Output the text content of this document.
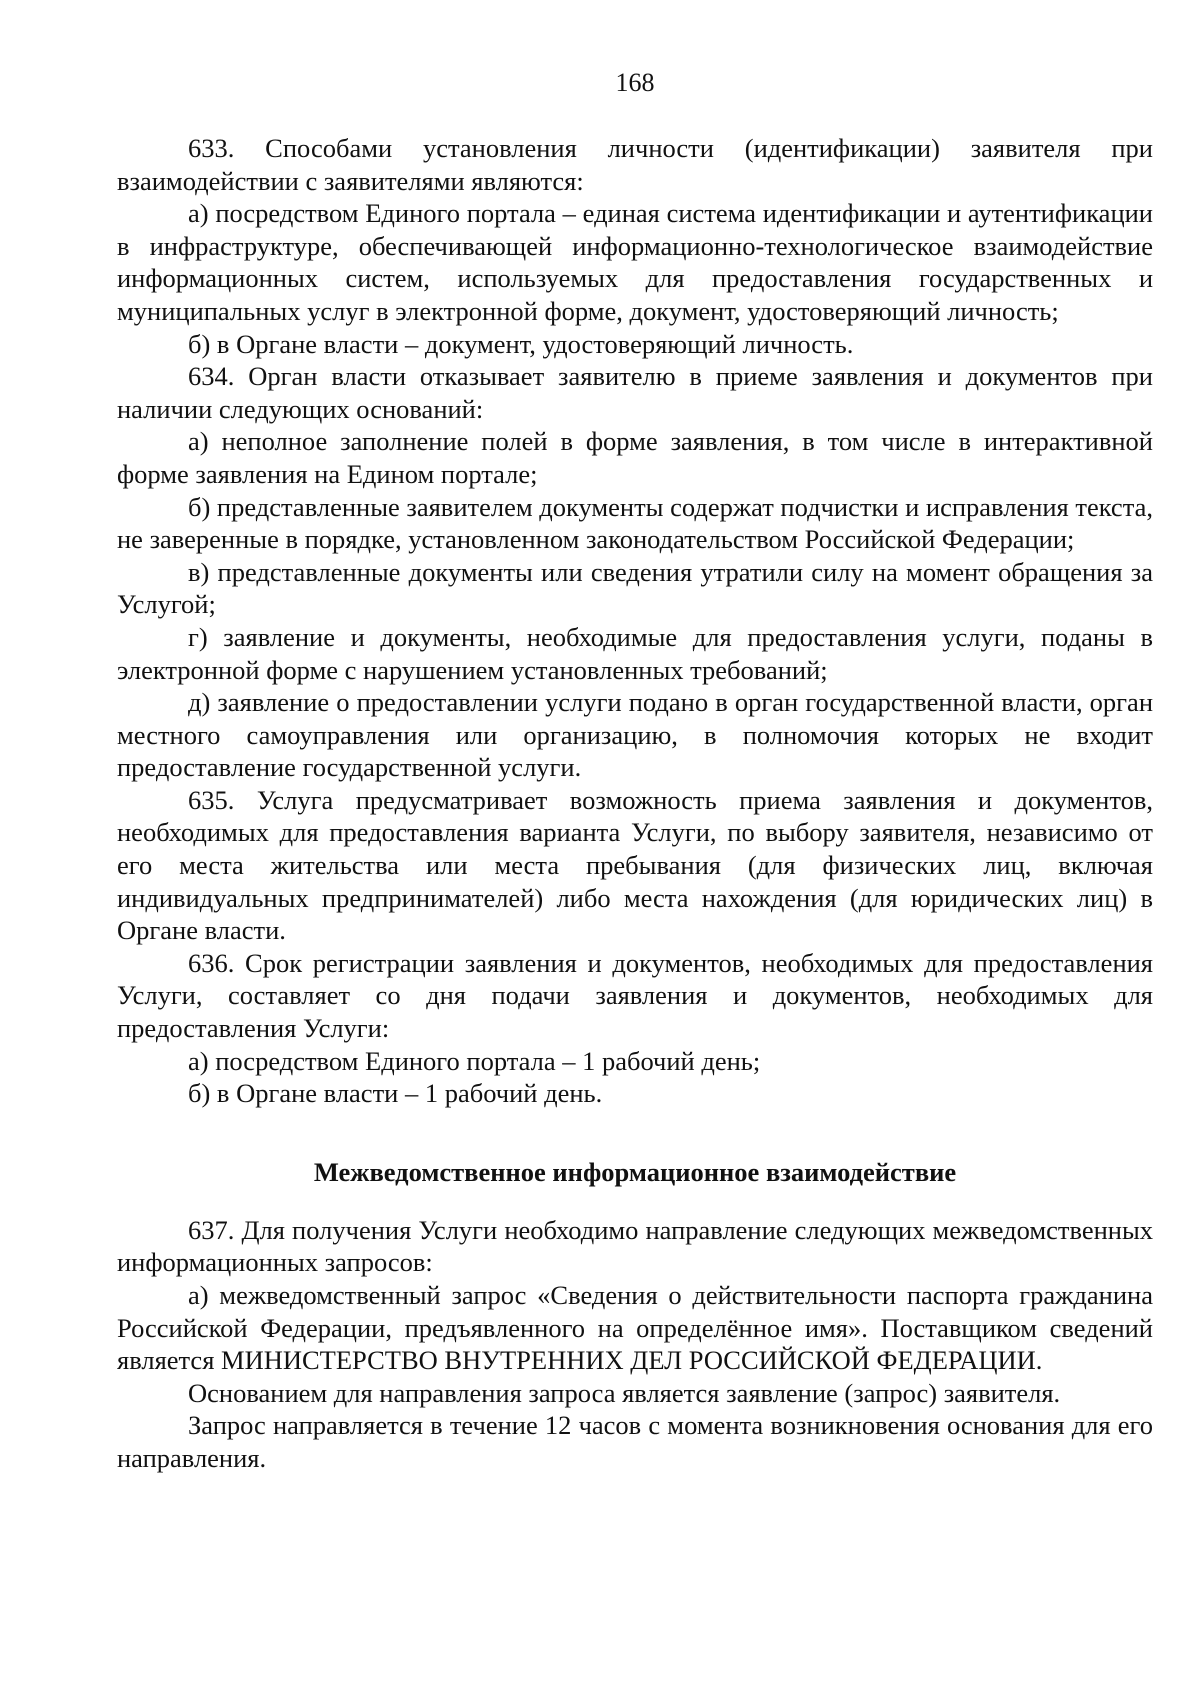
168

633. Способами установления личности (идентификации) заявителя при взаимодействии с заявителями являются:

а) посредством Единого портала – единая система идентификации и аутентификации в инфраструктуре, обеспечивающей информационно-технологическое взаимодействие информационных систем, используемых для предоставления государственных и муниципальных услуг в электронной форме, документ, удостоверяющий личность;

б) в Органе власти – документ, удостоверяющий личность.

634. Орган власти отказывает заявителю в приеме заявления и документов при наличии следующих оснований:

а) неполное заполнение полей в форме заявления, в том числе в интерактивной форме заявления на Едином портале;

б) представленные заявителем документы содержат подчистки и исправления текста, не заверенные в порядке, установленном законодательством Российской Федерации;

в) представленные документы или сведения утратили силу на момент обращения за Услугой;

г) заявление и документы, необходимые для предоставления услуги, поданы в электронной форме с нарушением установленных требований;

д) заявление о предоставлении услуги подано в орган государственной власти, орган местного самоуправления или организацию, в полномочия которых не входит предоставление государственной услуги.

635. Услуга предусматривает возможность приема заявления и документов, необходимых для предоставления варианта Услуги, по выбору заявителя, независимо от его места жительства или места пребывания (для физических лиц, включая индивидуальных предпринимателей) либо места нахождения (для юридических лиц) в Органе власти.

636. Срок регистрации заявления и документов, необходимых для предоставления Услуги, составляет со дня подачи заявления и документов, необходимых для предоставления Услуги:

а) посредством Единого портала – 1 рабочий день;

б) в Органе власти – 1 рабочий день.

Межведомственное информационное взаимодействие

637. Для получения Услуги необходимо направление следующих межведомственных информационных запросов:

а) межведомственный запрос «Сведения о действительности паспорта гражданина Российской Федерации, предъявленного на определённое имя». Поставщиком сведений является МИНИСТЕРСТВО ВНУТРЕННИХ ДЕЛ РОССИЙСКОЙ ФЕДЕРАЦИИ.

Основанием для направления запроса является заявление (запрос) заявителя.

Запрос направляется в течение 12 часов с момента возникновения основания для его направления.
